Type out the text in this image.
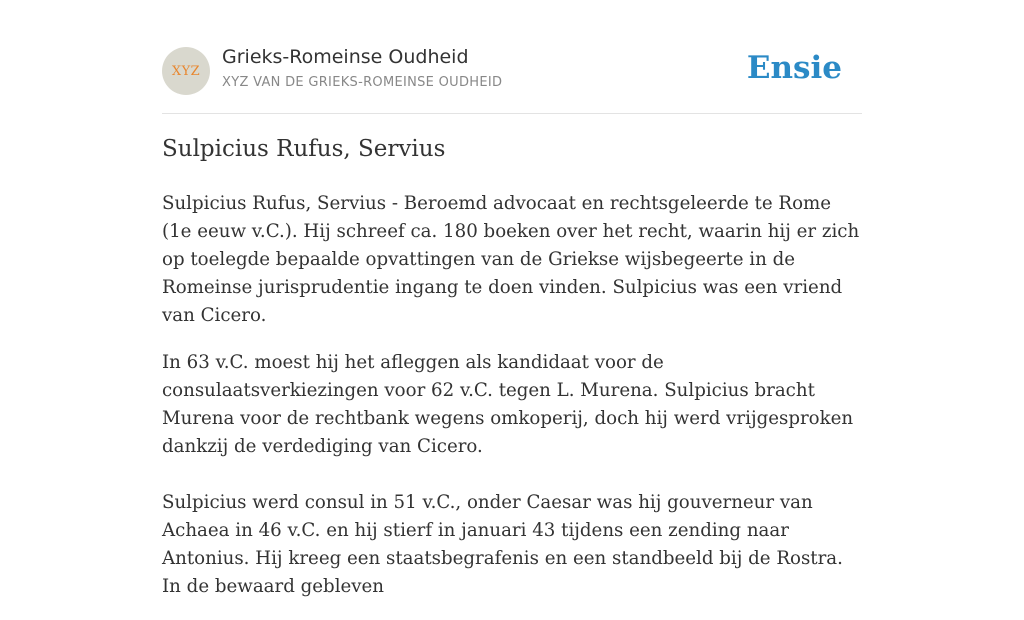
XYZ
Grieks-Romeinse Oudheid
XYZ VAN DE GRIEKS-ROMEINSE OUDHEID	Ensie
Sulpicius Rufus, Servius

Sulpicius Rufus, Servius - Beroemd advocaat en rechtsgeleerde te Rome (1e eeuw v.C.). Hij schreef ca. 180 boeken over het recht, waarin hij er zich op toelegde bepaalde opvattingen van de Griekse wijsbegeerte in de Romeinse jurisprudentie ingang te doen vinden. Sulpicius was een vriend van Cicero.

In 63 v.C. moest hij het afleggen als kandidaat voor de consulaatsverkiezingen voor 62 v.C. tegen L. Murena. Sulpicius bracht Murena voor de rechtbank wegens omkoperij, doch hij werd vrijgesproken dankzij de verdediging van Cicero.

Sulpicius werd consul in 51 v.C., onder Caesar was hij gouverneur van Achaea in 46 v.C. en hij stierf in januari 43 tijdens een zending naar Antonius. Hij kreeg een staatsbegrafenis en een standbeeld bij de Rostra. In de bewaard gebleven
